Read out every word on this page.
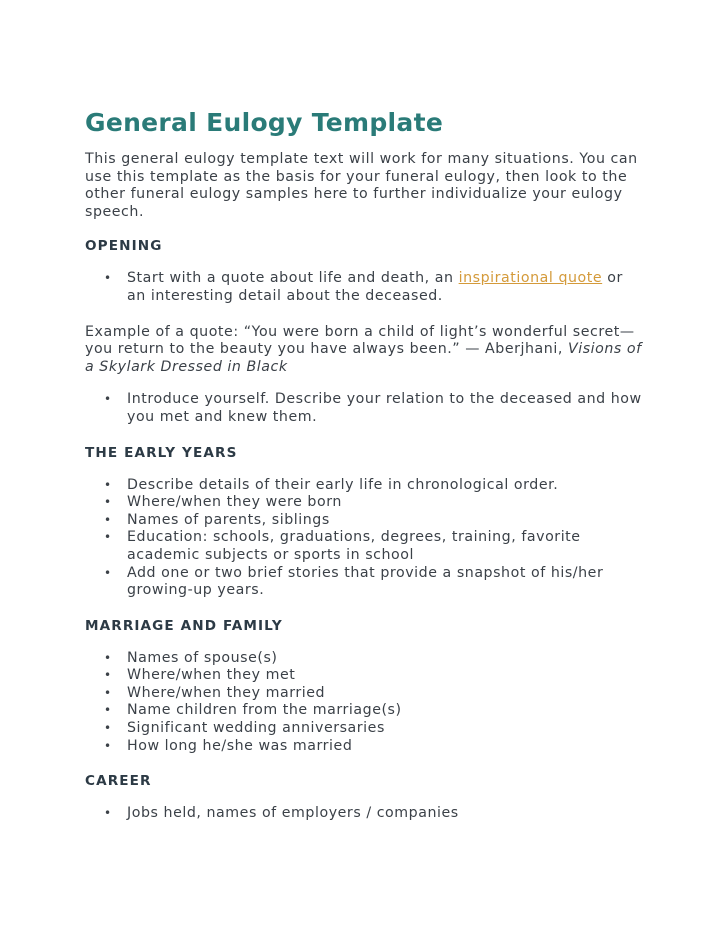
General Eulogy Template

This general eulogy template text will work for many situations. You can use this template as the basis for your funeral eulogy, then look to the other funeral eulogy samples here to further individualize your eulogy speech.

OPENING
• Start with a quote about life and death, an inspirational quote or an interesting detail about the deceased.

Example of a quote: “You were born a child of light’s wonderful secret— you return to the beauty you have always been.” — Aberjhani, Visions of a Skylark Dressed in Black

• Introduce yourself. Describe your relation to the deceased and how you met and knew them.
THE EARLY YEARS
• Describe details of their early life in chronological order.
• Where/when they were born
• Names of parents, siblings
• Education: schools, graduations, degrees, training, favorite academic subjects or sports in school
• Add one or two brief stories that provide a snapshot of his/her growing-up years.
MARRIAGE AND FAMILY
• Names of spouse(s)
• Where/when they met
• Where/when they married
• Name children from the marriage(s)
• Significant wedding anniversaries
• How long he/she was married
CAREER
• Jobs held, names of employers / companies
